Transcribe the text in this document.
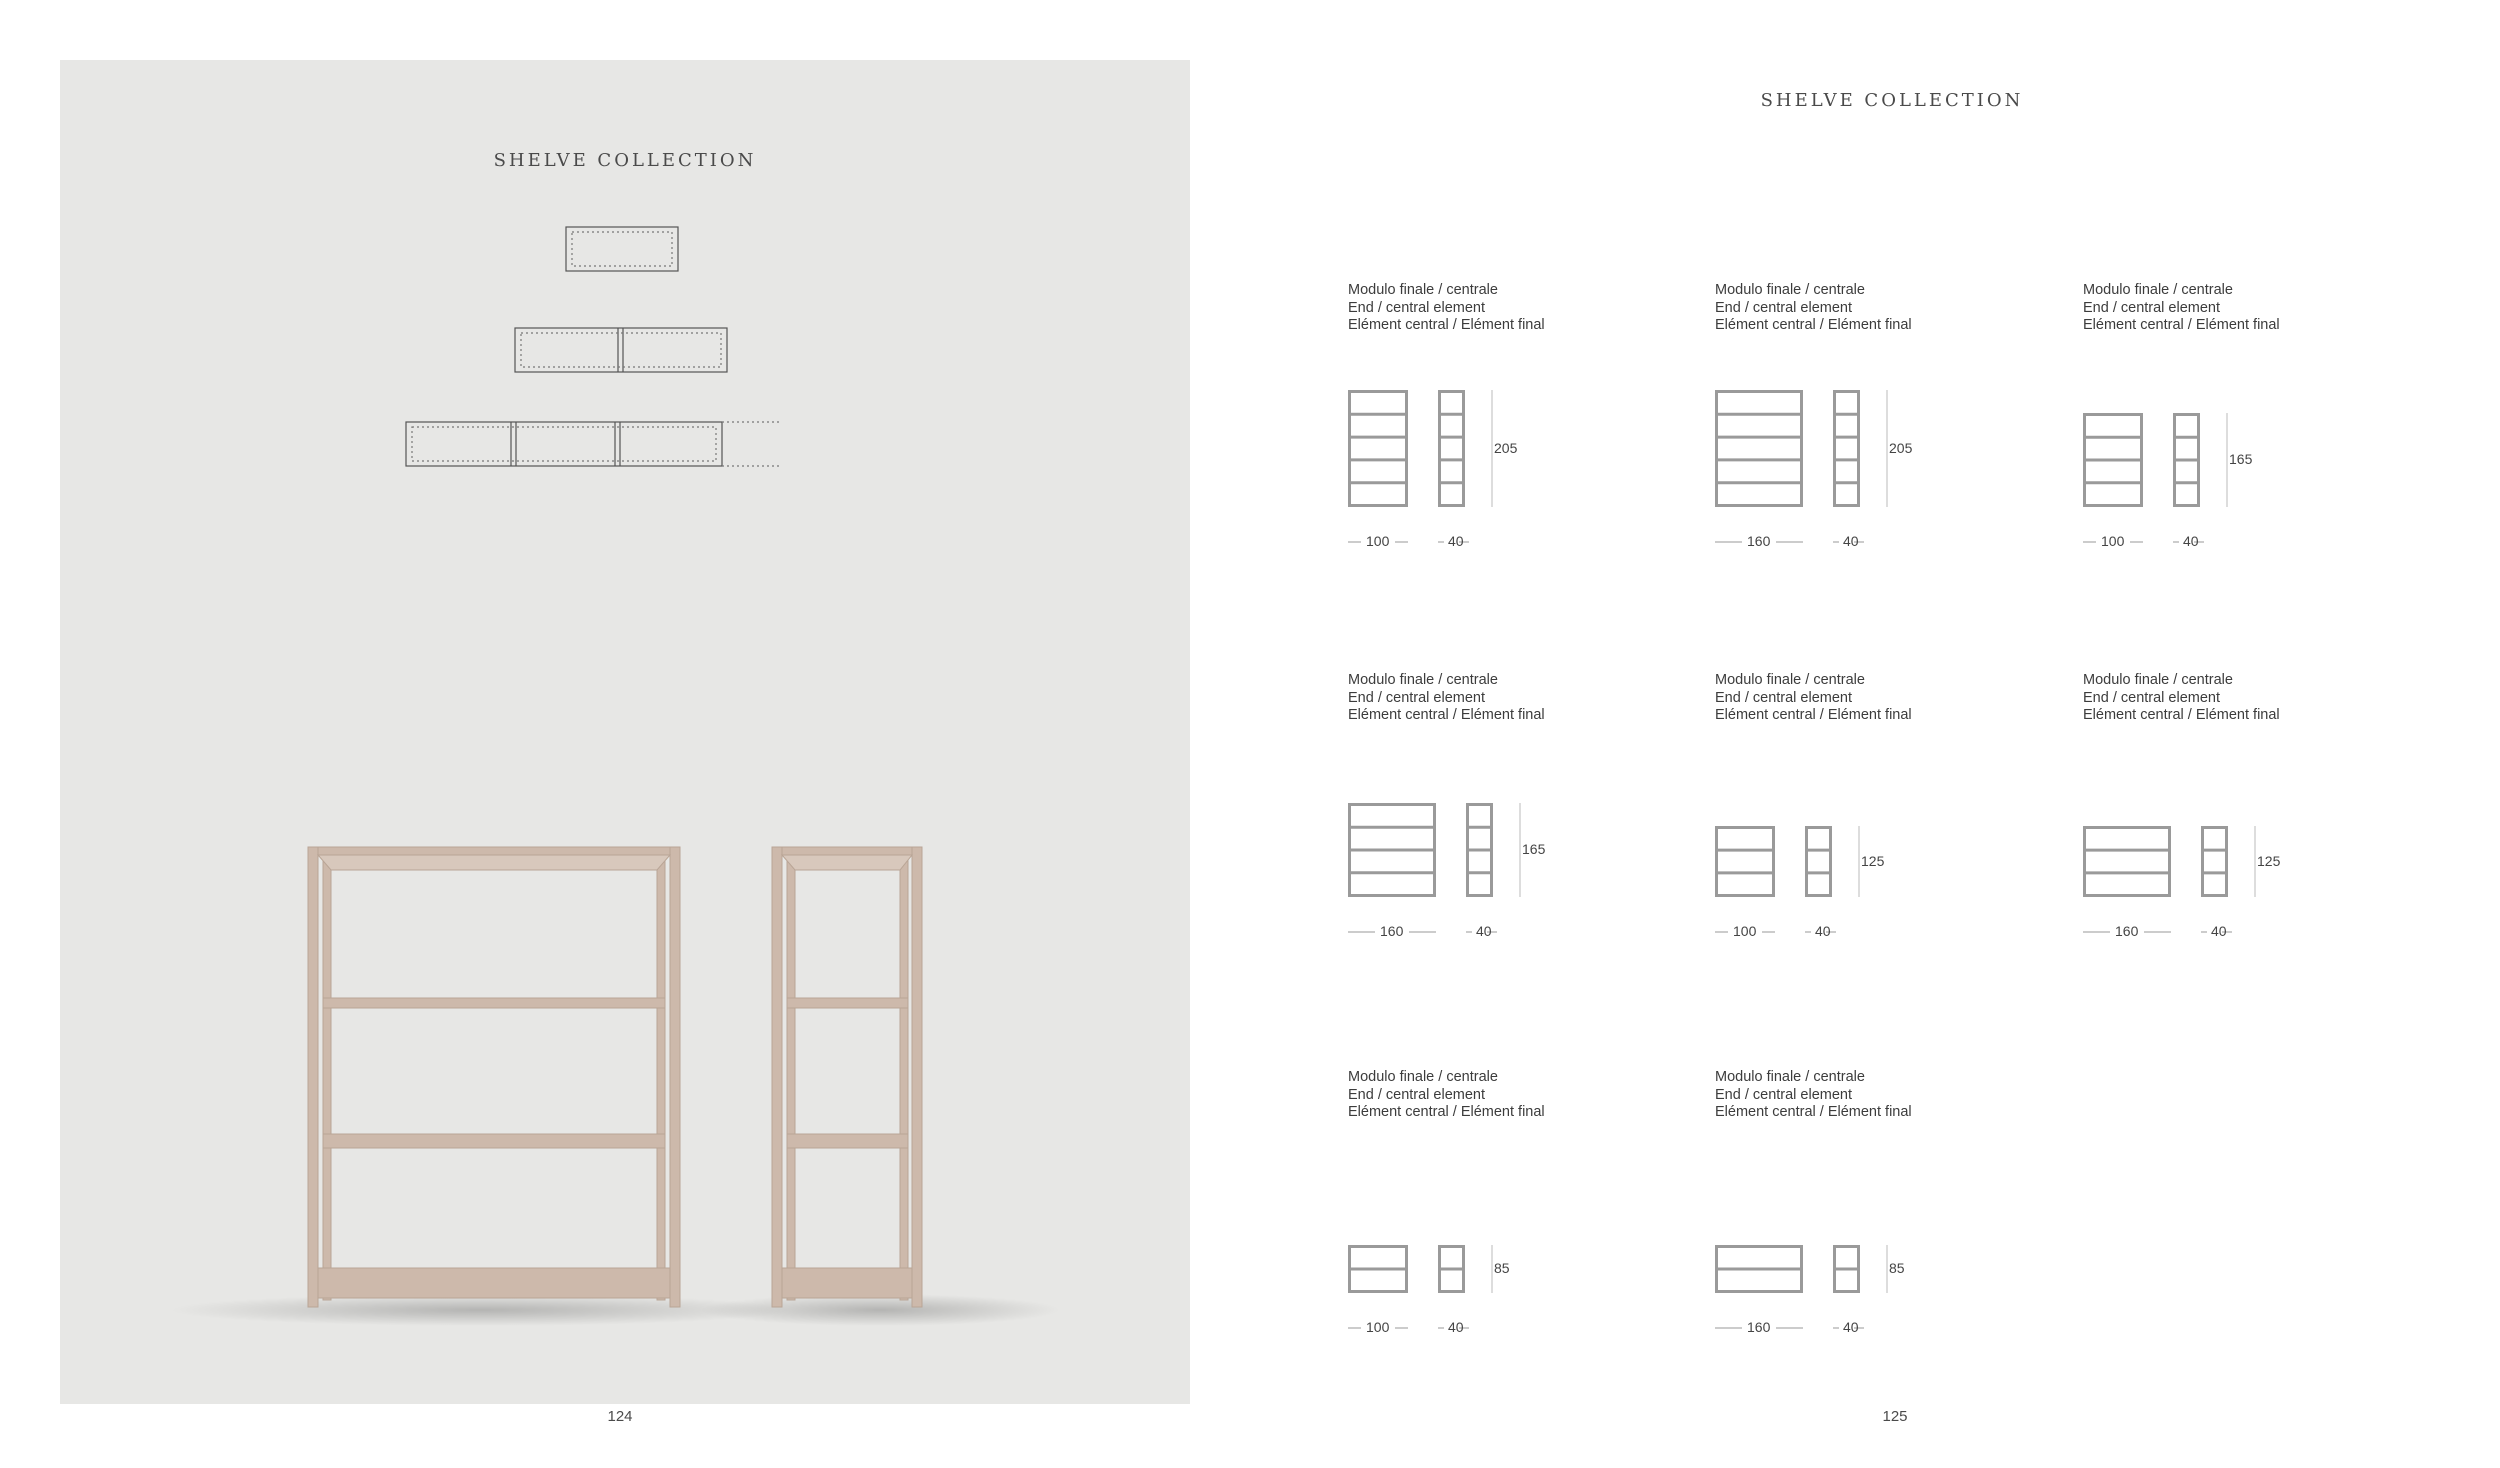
SHELVE COLLECTION
124
SHELVE COLLECTION
125
Modulo finale / centrale
End / central element
Elément central / Elément final
205
100	40
Modulo finale / centrale
End / central element
Elément central / Elément final
205
160	40
Modulo finale / centrale
End / central element
Elément central / Elément final
165
100	40
Modulo finale / centrale
End / central element
Elément central / Elément final
165
160	40
Modulo finale / centrale
End / central element
Elément central / Elément final
125
100	40
Modulo finale / centrale
End / central element
Elément central / Elément final
125
160	40
Modulo finale / centrale
End / central element
Elément central / Elément final
85
100	40
Modulo finale / centrale
End / central element
Elément central / Elément final
85
160	40
